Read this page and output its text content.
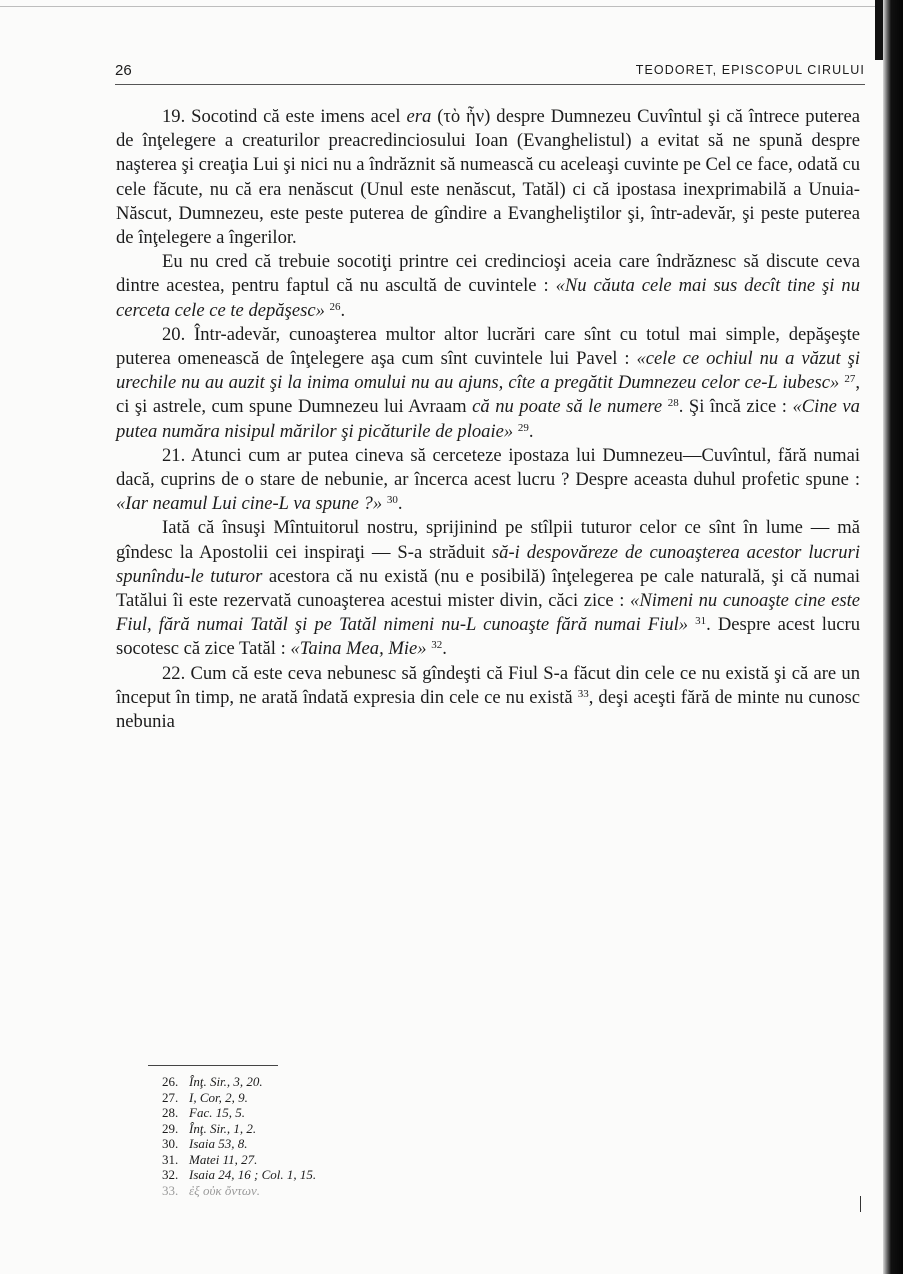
26	TEODORET, EPISCOPUL CIRULUI

19. Socotind că este imens acel era (τὸ ἦν) despre Dumnezeu Cuvîntul şi că întrece puterea de înţelegere a creaturilor preacredinciosului Ioan (Evanghelistul) a evitat să ne spună despre naşterea şi creaţia Lui şi nici nu a îndrăznit să numească cu aceleaşi cuvinte pe Cel ce face, odată cu cele făcute, nu că era nenăscut (Unul este nenăscut, Tatăl) ci că ipostasa inexprimabilă a Unuia-Născut, Dumnezeu, este peste puterea de gîndire a Evangheliştilor şi, într-adevăr, şi peste puterea de înţelegere a îngerilor.

Eu nu cred că trebuie socotiţi printre cei credincioşi aceia care îndrăznesc să discute ceva dintre acestea, pentru faptul că nu ascultă de cuvintele : «Nu căuta cele mai sus decît tine şi nu cerceta cele ce te depăşesc» $^{26}$.

20. Într-adevăr, cunoaşterea multor altor lucrări care sînt cu totul mai simple, depăşeşte puterea omenească de înţelegere aşa cum sînt cuvintele lui Pavel : «cele ce ochiul nu a văzut şi urechile nu au auzit şi la inima omului nu au ajuns, cîte a pregătit Dumnezeu celor ce-L iubesc» $^{27}$, ci şi astrele, cum spune Dumnezeu lui Avraam că nu poate să le numere $^{28}$. Şi încă zice : «Cine va putea număra nisipul mărilor şi picăturile de ploaie» $^{29}$.

21. Atunci cum ar putea cineva să cerceteze ipostaza lui Dumnezeu—Cuvîntul, fără numai dacă, cuprins de o stare de nebunie, ar încerca acest lucru ? Despre aceasta duhul profetic spune : «Iar neamul Lui cine-L va spune ?» $^{30}$.

Iată că însuşi Mîntuitorul nostru, sprijinind pe stîlpii tuturor celor ce sînt în lume — mă gîndesc la Apostolii cei inspiraţi — S-a străduit să-i despovăreze de cunoaşterea acestor lucruri spunîndu-le tuturor acestora că nu există (nu e posibilă) înţelegerea pe cale naturală, şi că numai Tatălui îi este rezervată cunoaşterea acestui mister divin, căci zice : «Nimeni nu cunoaşte cine este Fiul, fără numai Tatăl şi pe Tatăl nimeni nu-L cunoaşte fără numai Fiul» $^{31}$. Despre acest lucru socotesc că zice Tatăl : «Taina Mea, Mie» $^{32}$.

22. Cum că este ceva nebunesc să gîndeşti că Fiul S-a făcut din cele ce nu există şi că are un început în timp, ne arată îndată expresia din cele ce nu există $^{33}$, deşi aceşti fără de minte nu cunosc nebunia

26. Înţ. Sir., 3, 20.
27. I, Cor, 2, 9.
28. Fac. 15, 5.
29. Înţ. Sir., 1, 2.
30. Isaia 53, 8.
31. Matei 11, 27.
32. Isaia 24, 16 ; Col. 1, 15.
33. ἐξ οὐκ ὄντων.
